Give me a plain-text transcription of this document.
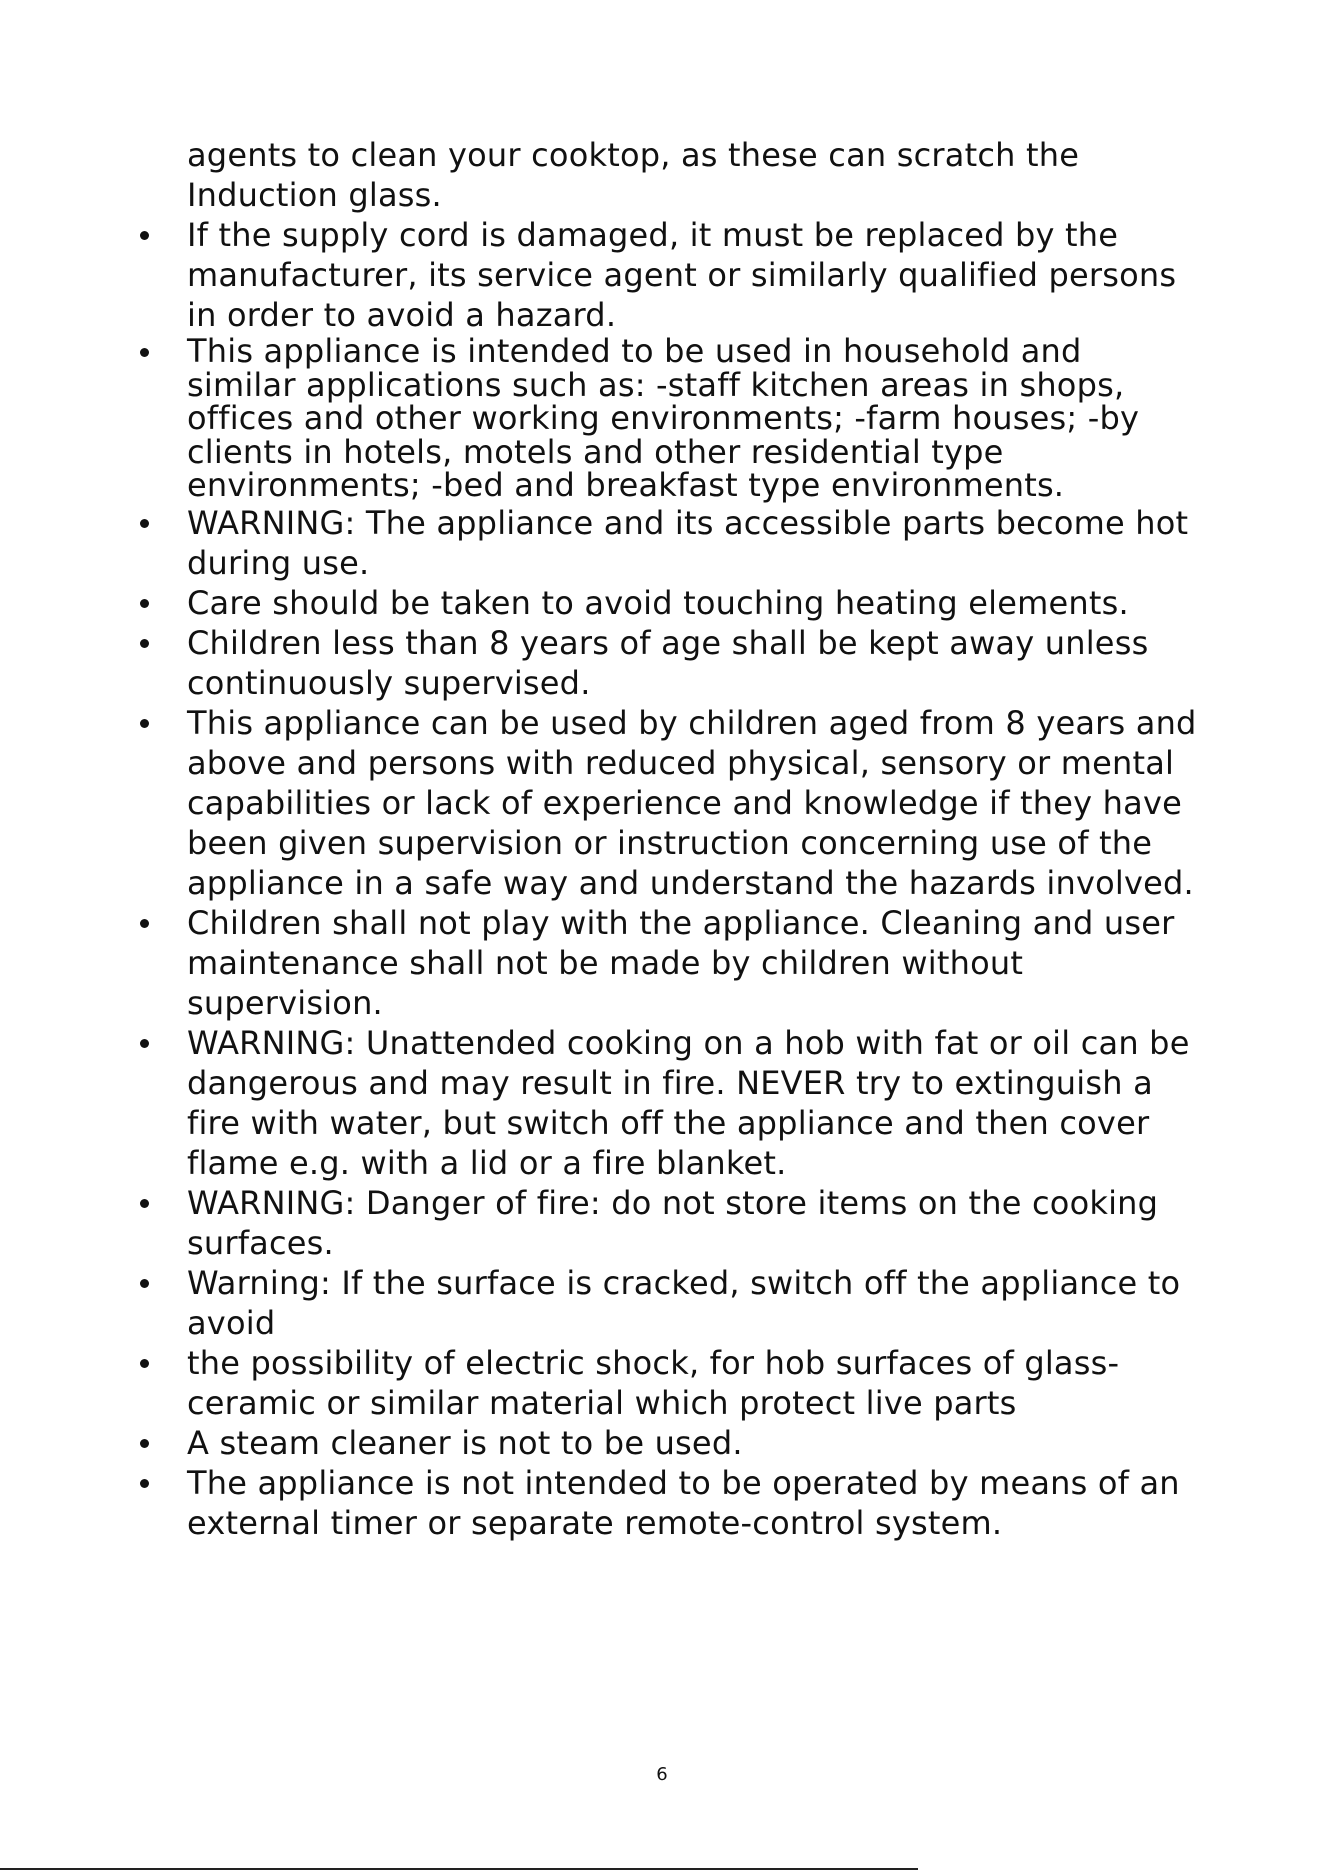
agents to clean your cooktop, as these can scratch the Induction glass.

If the supply cord is damaged, it must be replaced by the manufacturer, its service agent or similarly qualified persons in order to avoid a hazard.
This appliance is intended to be used in household and similar applications such as: -staff kitchen areas in shops, offices and other working environments; -farm houses; -by clients in hotels, motels and other residential type environments; -bed and breakfast type environments.
WARNING: The appliance and its accessible parts become hot during use.
Care should be taken to avoid touching heating elements.
Children less than 8 years of age shall be kept away unless continuously supervised.
This appliance can be used by children aged from 8 years and above and persons with reduced physical, sensory or mental capabilities or lack of experience and knowledge if they have been given supervision or instruction concerning use of the appliance in a safe way and understand the hazards involved.
Children shall not play with the appliance. Cleaning and user maintenance shall not be made by children without supervision.
WARNING: Unattended cooking on a hob with fat or oil can be dangerous and may result in fire. NEVER try to extinguish a fire with water, but switch off the appliance and then cover flame e.g. with a lid or a fire blanket.
WARNING: Danger of fire: do not store items on the cooking surfaces.
Warning: If the surface is cracked, switch off the appliance to avoid
the possibility of electric shock, for hob surfaces of glass-ceramic or similar material which protect live parts
A steam cleaner is not to be used.
The appliance is not intended to be operated by means of an external timer or separate remote-control system.
6
